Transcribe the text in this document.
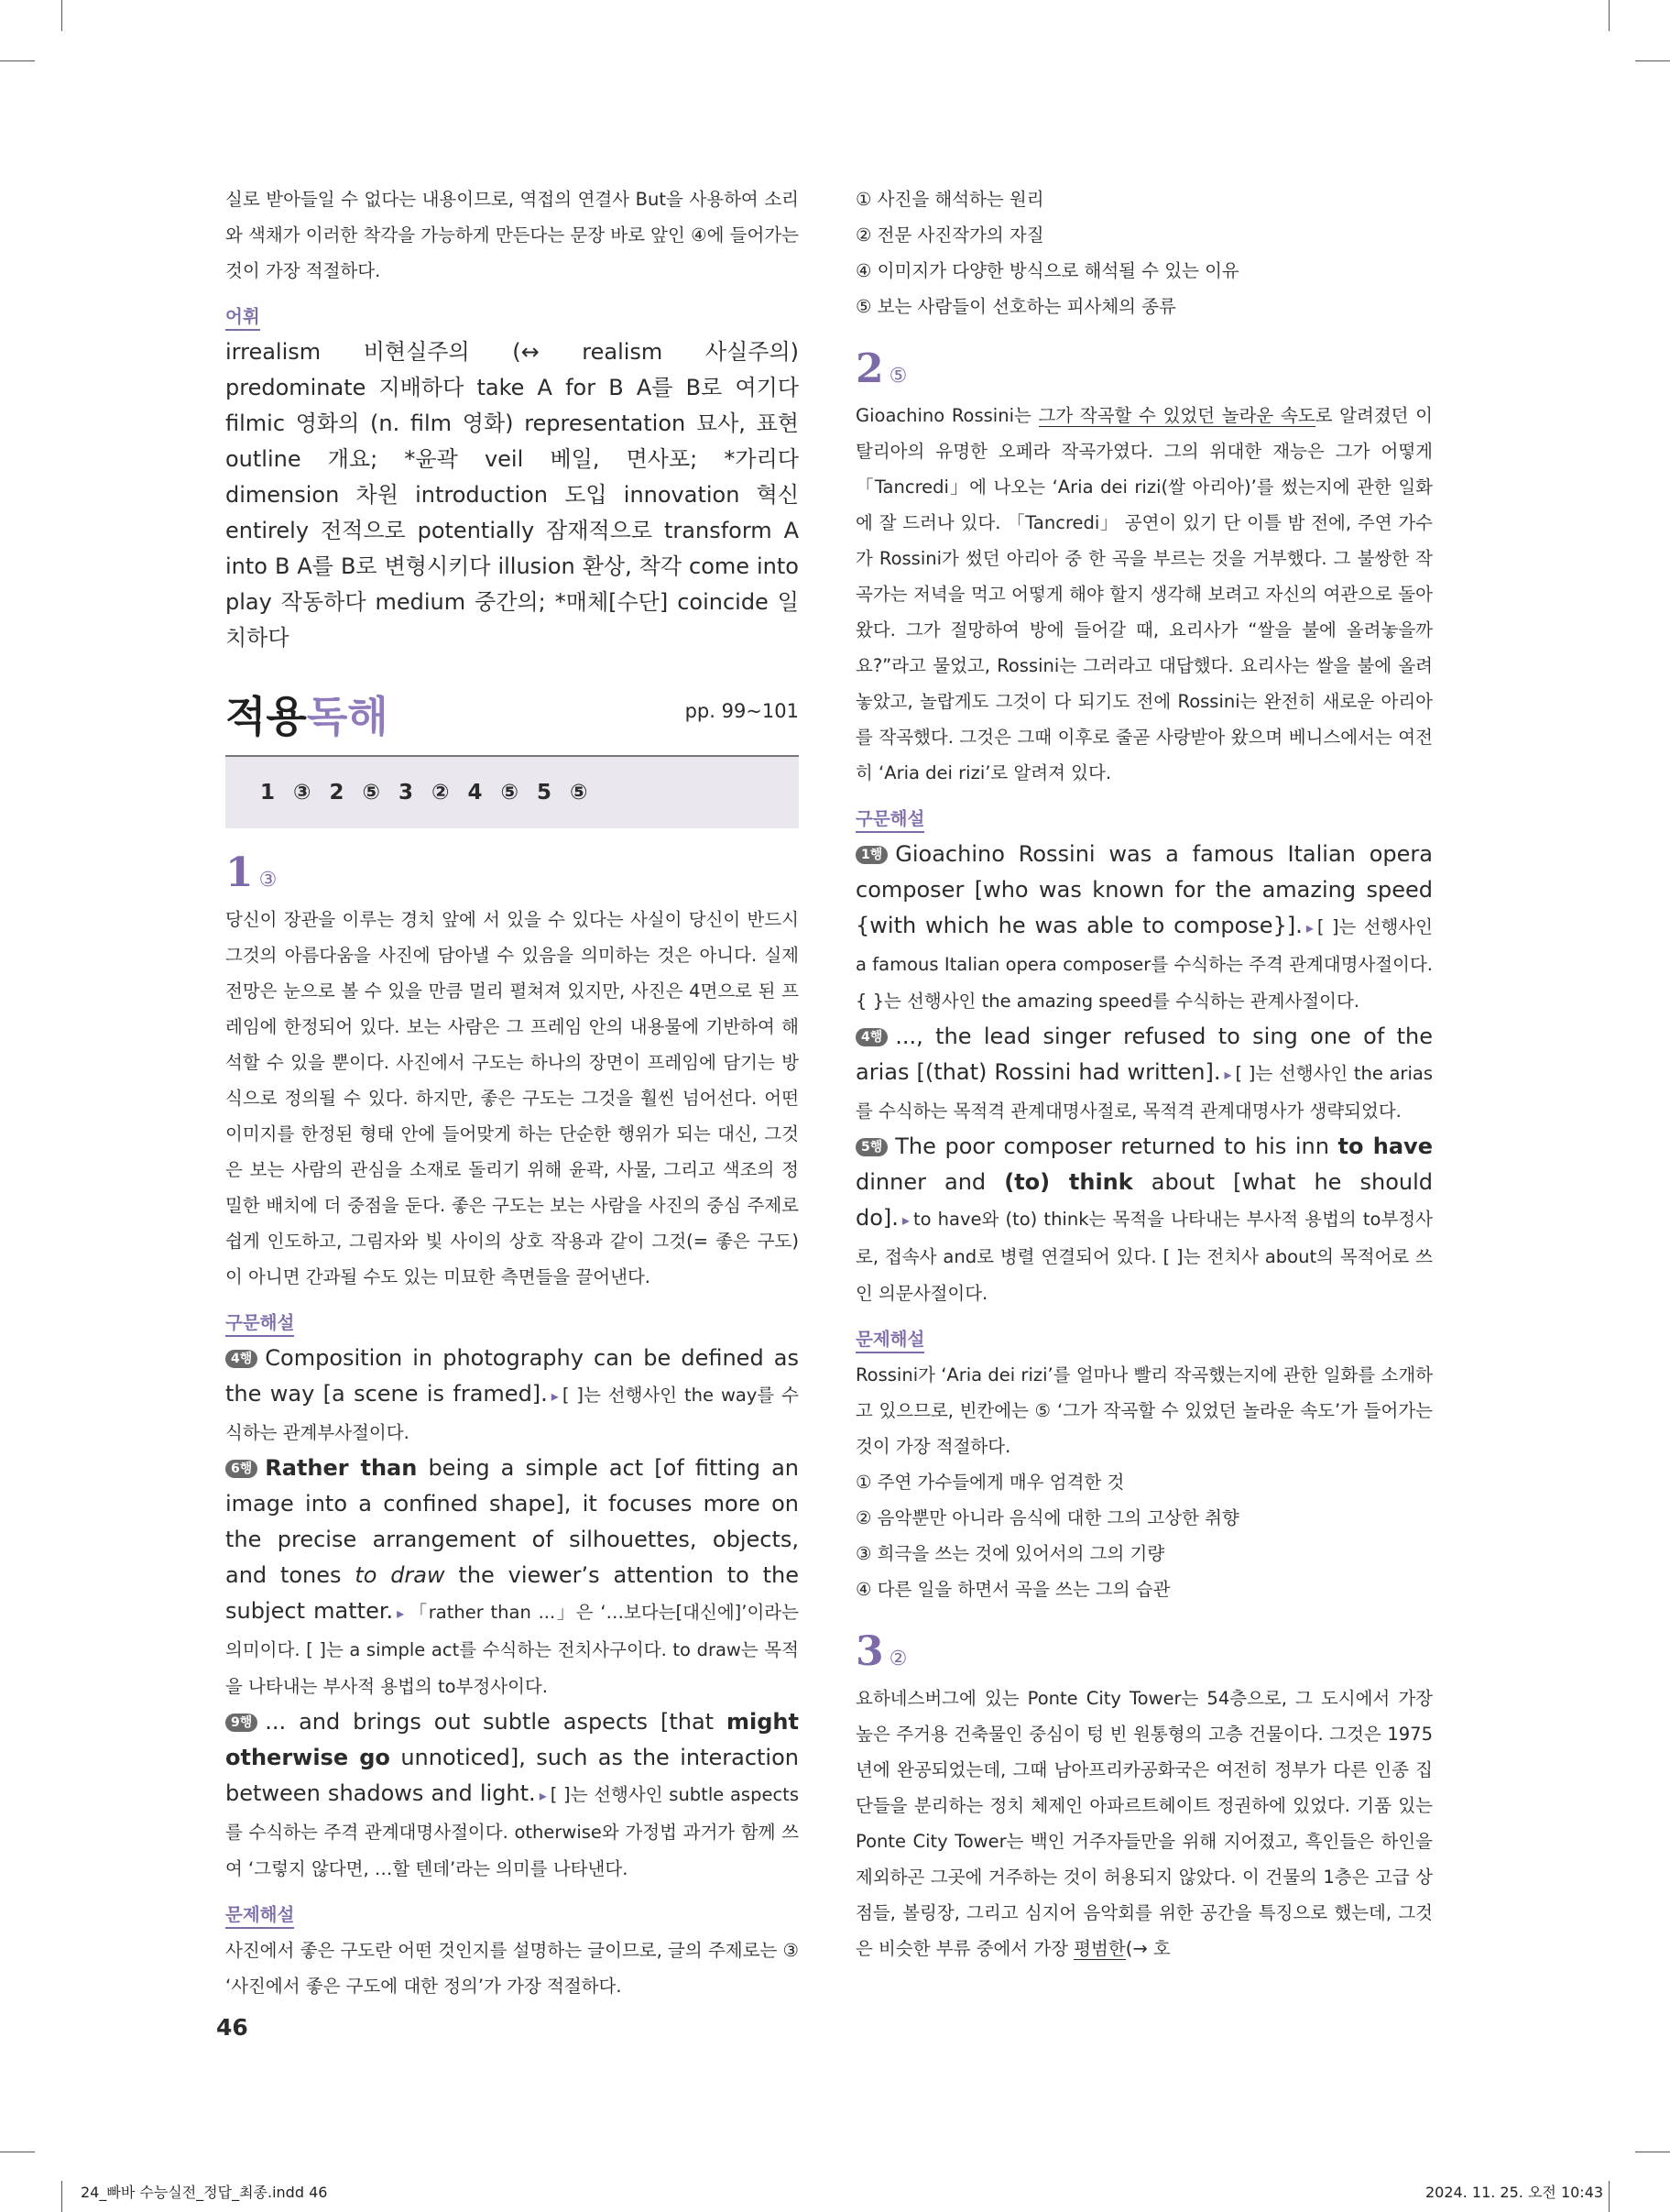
실로 받아들일 수 없다는 내용이므로, 역접의 연결사 But을 사용하여 소리와 색채가 이러한 착각을 가능하게 만든다는 문장 바로 앞인 ④에 들어가는 것이 가장 적절하다.

어휘

irrealism 비현실주의 (↔ realism 사실주의) predominate 지배하다 take A for B A를 B로 여기다 filmic 영화의 (n. film 영화) representation 묘사, 표현 outline 개요; *윤곽 veil 베일, 면사포; *가리다 dimension 차원 introduction 도입 innovation 혁신 entirely 전적으로 potentially 잠재적으로 transform A into B A를 B로 변형시키다 illusion 환상, 착각 come into play 작동하다 medium 중간의; *매체[수단] coincide 일치하다

적용독해	pp. 99~101
1 ③ 2 ⑤ 3 ② 4 ⑤ 5 ⑤
1 ③

당신이 장관을 이루는 경치 앞에 서 있을 수 있다는 사실이 당신이 반드시 그것의 아름다움을 사진에 담아낼 수 있음을 의미하는 것은 아니다. 실제 전망은 눈으로 볼 수 있을 만큼 멀리 펼쳐져 있지만, 사진은 4면으로 된 프레임에 한정되어 있다. 보는 사람은 그 프레임 안의 내용물에 기반하여 해석할 수 있을 뿐이다. 사진에서 구도는 하나의 장면이 프레임에 담기는 방식으로 정의될 수 있다. 하지만, 좋은 구도는 그것을 훨씬 넘어선다. 어떤 이미지를 한정된 형태 안에 들어맞게 하는 단순한 행위가 되는 대신, 그것은 보는 사람의 관심을 소재로 돌리기 위해 윤곽, 사물, 그리고 색조의 정밀한 배치에 더 중점을 둔다. 좋은 구도는 보는 사람을 사진의 중심 주제로 쉽게 인도하고, 그림자와 빛 사이의 상호 작용과 같이 그것(= 좋은 구도)이 아니면 간과될 수도 있는 미묘한 측면들을 끌어낸다.

구문해설

4행 Composition in photography can be defined as the way [a scene is framed]. ▸ [ ]는 선행사인 the way를 수식하는 관계부사절이다.

6행 Rather than being a simple act [of fitting an image into a confined shape], it focuses more on the precise arrangement of silhouettes, objects, and tones to draw the viewer’s attention to the subject matter. ▸ 「rather than ...」은 ‘…보다는[대신에]’이라는 의미이다. [ ]는 a simple act를 수식하는 전치사구이다. to draw는 목적을 나타내는 부사적 용법의 to부정사이다.

9행 ... and brings out subtle aspects [that might otherwise go unnoticed], such as the interaction between shadows and light. ▸ [ ]는 선행사인 subtle aspects를 수식하는 주격 관계대명사절이다. otherwise와 가정법 과거가 함께 쓰여 ‘그렇지 않다면, …할 텐데’라는 의미를 나타낸다.

문제해설

사진에서 좋은 구도란 어떤 것인지를 설명하는 글이므로, 글의 주제로는 ③ ‘사진에서 좋은 구도에 대한 정의’가 가장 적절하다.

① 사진을 해석하는 원리
② 전문 사진작가의 자질
④ 이미지가 다양한 방식으로 해석될 수 있는 이유
⑤ 보는 사람들이 선호하는 피사체의 종류
2 ⑤

Gioachino Rossini는 그가 작곡할 수 있었던 놀라운 속도로 알려졌던 이탈리아의 유명한 오페라 작곡가였다. 그의 위대한 재능은 그가 어떻게 「Tancredi」에 나오는 ‘Aria dei rizi(쌀 아리아)’를 썼는지에 관한 일화에 잘 드러나 있다. 「Tancredi」 공연이 있기 단 이틀 밤 전에, 주연 가수가 Rossini가 썼던 아리아 중 한 곡을 부르는 것을 거부했다. 그 불쌍한 작곡가는 저녁을 먹고 어떻게 해야 할지 생각해 보려고 자신의 여관으로 돌아왔다. 그가 절망하여 방에 들어갈 때, 요리사가 “쌀을 불에 올려놓을까요?”라고 물었고, Rossini는 그러라고 대답했다. 요리사는 쌀을 불에 올려놓았고, 놀랍게도 그것이 다 되기도 전에 Rossini는 완전히 새로운 아리아를 작곡했다. 그것은 그때 이후로 줄곧 사랑받아 왔으며 베니스에서는 여전히 ‘Aria dei rizi’로 알려져 있다.

구문해설

1행 Gioachino Rossini was a famous Italian opera composer [who was known for the amazing speed {with which he was able to compose}]. ▸ [ ]는 선행사인 a famous Italian opera composer를 수식하는 주격 관계대명사절이다. { }는 선행사인 the amazing speed를 수식하는 관계사절이다.

4행 ..., the lead singer refused to sing one of the arias [(that) Rossini had written]. ▸ [ ]는 선행사인 the arias를 수식하는 목적격 관계대명사절로, 목적격 관계대명사가 생략되었다.

5행 The poor composer returned to his inn to have dinner and (to) think about [what he should do]. ▸ to have와 (to) think는 목적을 나타내는 부사적 용법의 to부정사로, 접속사 and로 병렬 연결되어 있다. [ ]는 전치사 about의 목적어로 쓰인 의문사절이다.

문제해설

Rossini가 ‘Aria dei rizi’를 얼마나 빨리 작곡했는지에 관한 일화를 소개하고 있으므로, 빈칸에는 ⑤ ‘그가 작곡할 수 있었던 놀라운 속도’가 들어가는 것이 가장 적절하다.

① 주연 가수들에게 매우 엄격한 것
② 음악뿐만 아니라 음식에 대한 그의 고상한 취향
③ 희극을 쓰는 것에 있어서의 그의 기량
④ 다른 일을 하면서 곡을 쓰는 그의 습관
3 ②

요하네스버그에 있는 Ponte City Tower는 54층으로, 그 도시에서 가장 높은 주거용 건축물인 중심이 텅 빈 원통형의 고층 건물이다. 그것은 1975년에 완공되었는데, 그때 남아프리카공화국은 여전히 정부가 다른 인종 집단들을 분리하는 정치 체제인 아파르트헤이트 정권하에 있었다. 기품 있는 Ponte City Tower는 백인 거주자들만을 위해 지어졌고, 흑인들은 하인을 제외하곤 그곳에 거주하는 것이 허용되지 않았다. 이 건물의 1층은 고급 상점들, 볼링장, 그리고 심지어 음악회를 위한 공간을 특징으로 했는데, 그것은 비슷한 부류 중에서 가장 평범한(→ 호

46
24_빠바 수능실전_정답_최종.indd 46	2024. 11. 25. 오전 10:43
